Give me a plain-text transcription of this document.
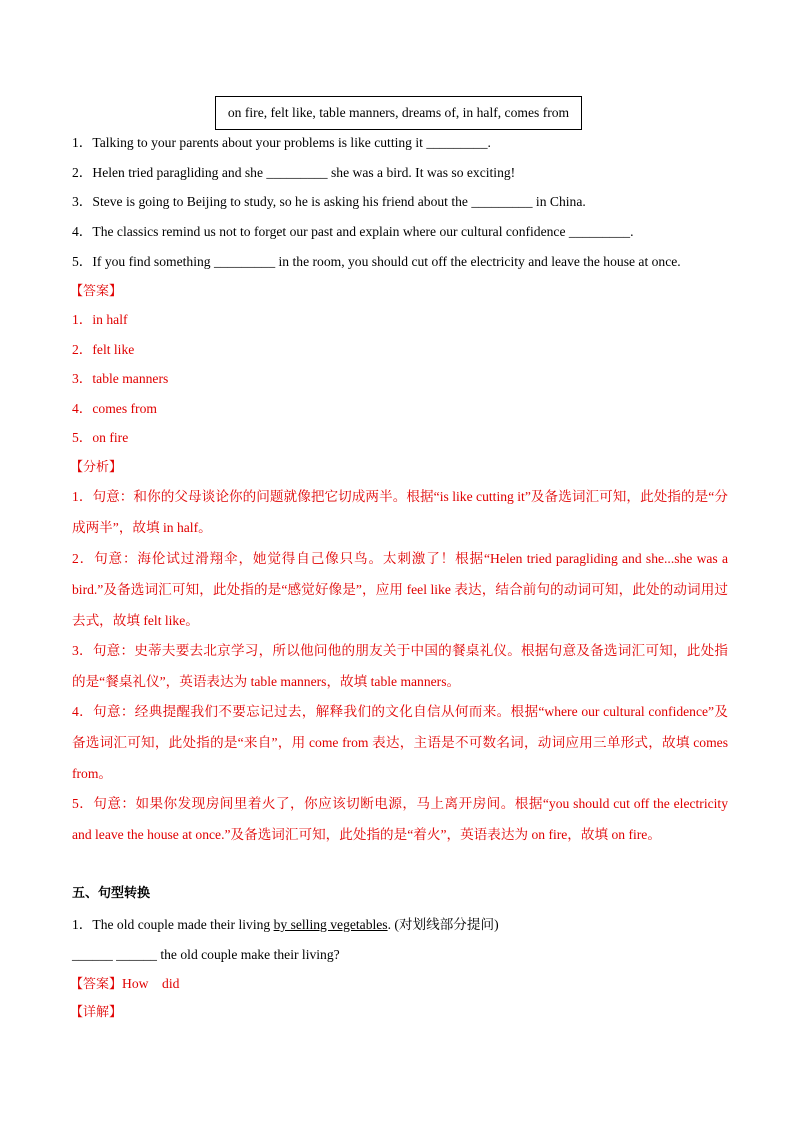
on fire, felt like, table manners, dreams of, in half, comes from
1．Talking to your parents about your problems is like cutting it _________.
2．Helen tried paragliding and she _________ she was a bird. It was so exciting!
3．Steve is going to Beijing to study, so he is asking his friend about the _________ in China.
4．The classics remind us not to forget our past and explain where our cultural confidence _________.
5．If you find something _________ in the room, you should cut off the electricity and leave the house at once.
【答案】
1．in half
2．felt like
3．table manners
4．comes from
5．on fire
【分析】
1．句意：和你的父母谈论你的问题就像把它切成两半。根据“is like cutting it”及备选词汇可知，此处指的是“分成两半”，故填 in half。
2．句意：海伦试过滑翔伞，她觉得自己像只鸟。太刺激了！根据“Helen tried paragliding and she...she was a bird.”及备选词汇可知，此处指的是“感觉好像是”，应用 feel like 表达，结合前句的动词可知，此处的动词用过去式，故填 felt like。
3．句意：史蒂夫要去北京学习，所以他问他的朋友关于中国的餐桌礼仪。根据句意及备选词汇可知，此处指的是“餐桌礼仪”，英语表达为 table manners，故填 table manners。
4．句意：经典提醒我们不要忘记过去，解释我们的文化自信从何而来。根据“where our cultural confidence”及备选词汇可知，此处指的是“来自”，用 come from 表达，主语是不可数名词，动词应用三单形式，故填 comes from。
5．句意：如果你发现房间里着火了，你应该切断电源，马上离开房间。根据“you should cut off the electricity and leave the house at once.”及备选词汇可知，此处指的是“着火”，英语表达为 on fire，故填 on fire。
五、句型转换
1．The old couple made their living by selling vegetables. (对划线部分提问)
______ ______ the old couple make their living?
【答案】How    did
【详解】
